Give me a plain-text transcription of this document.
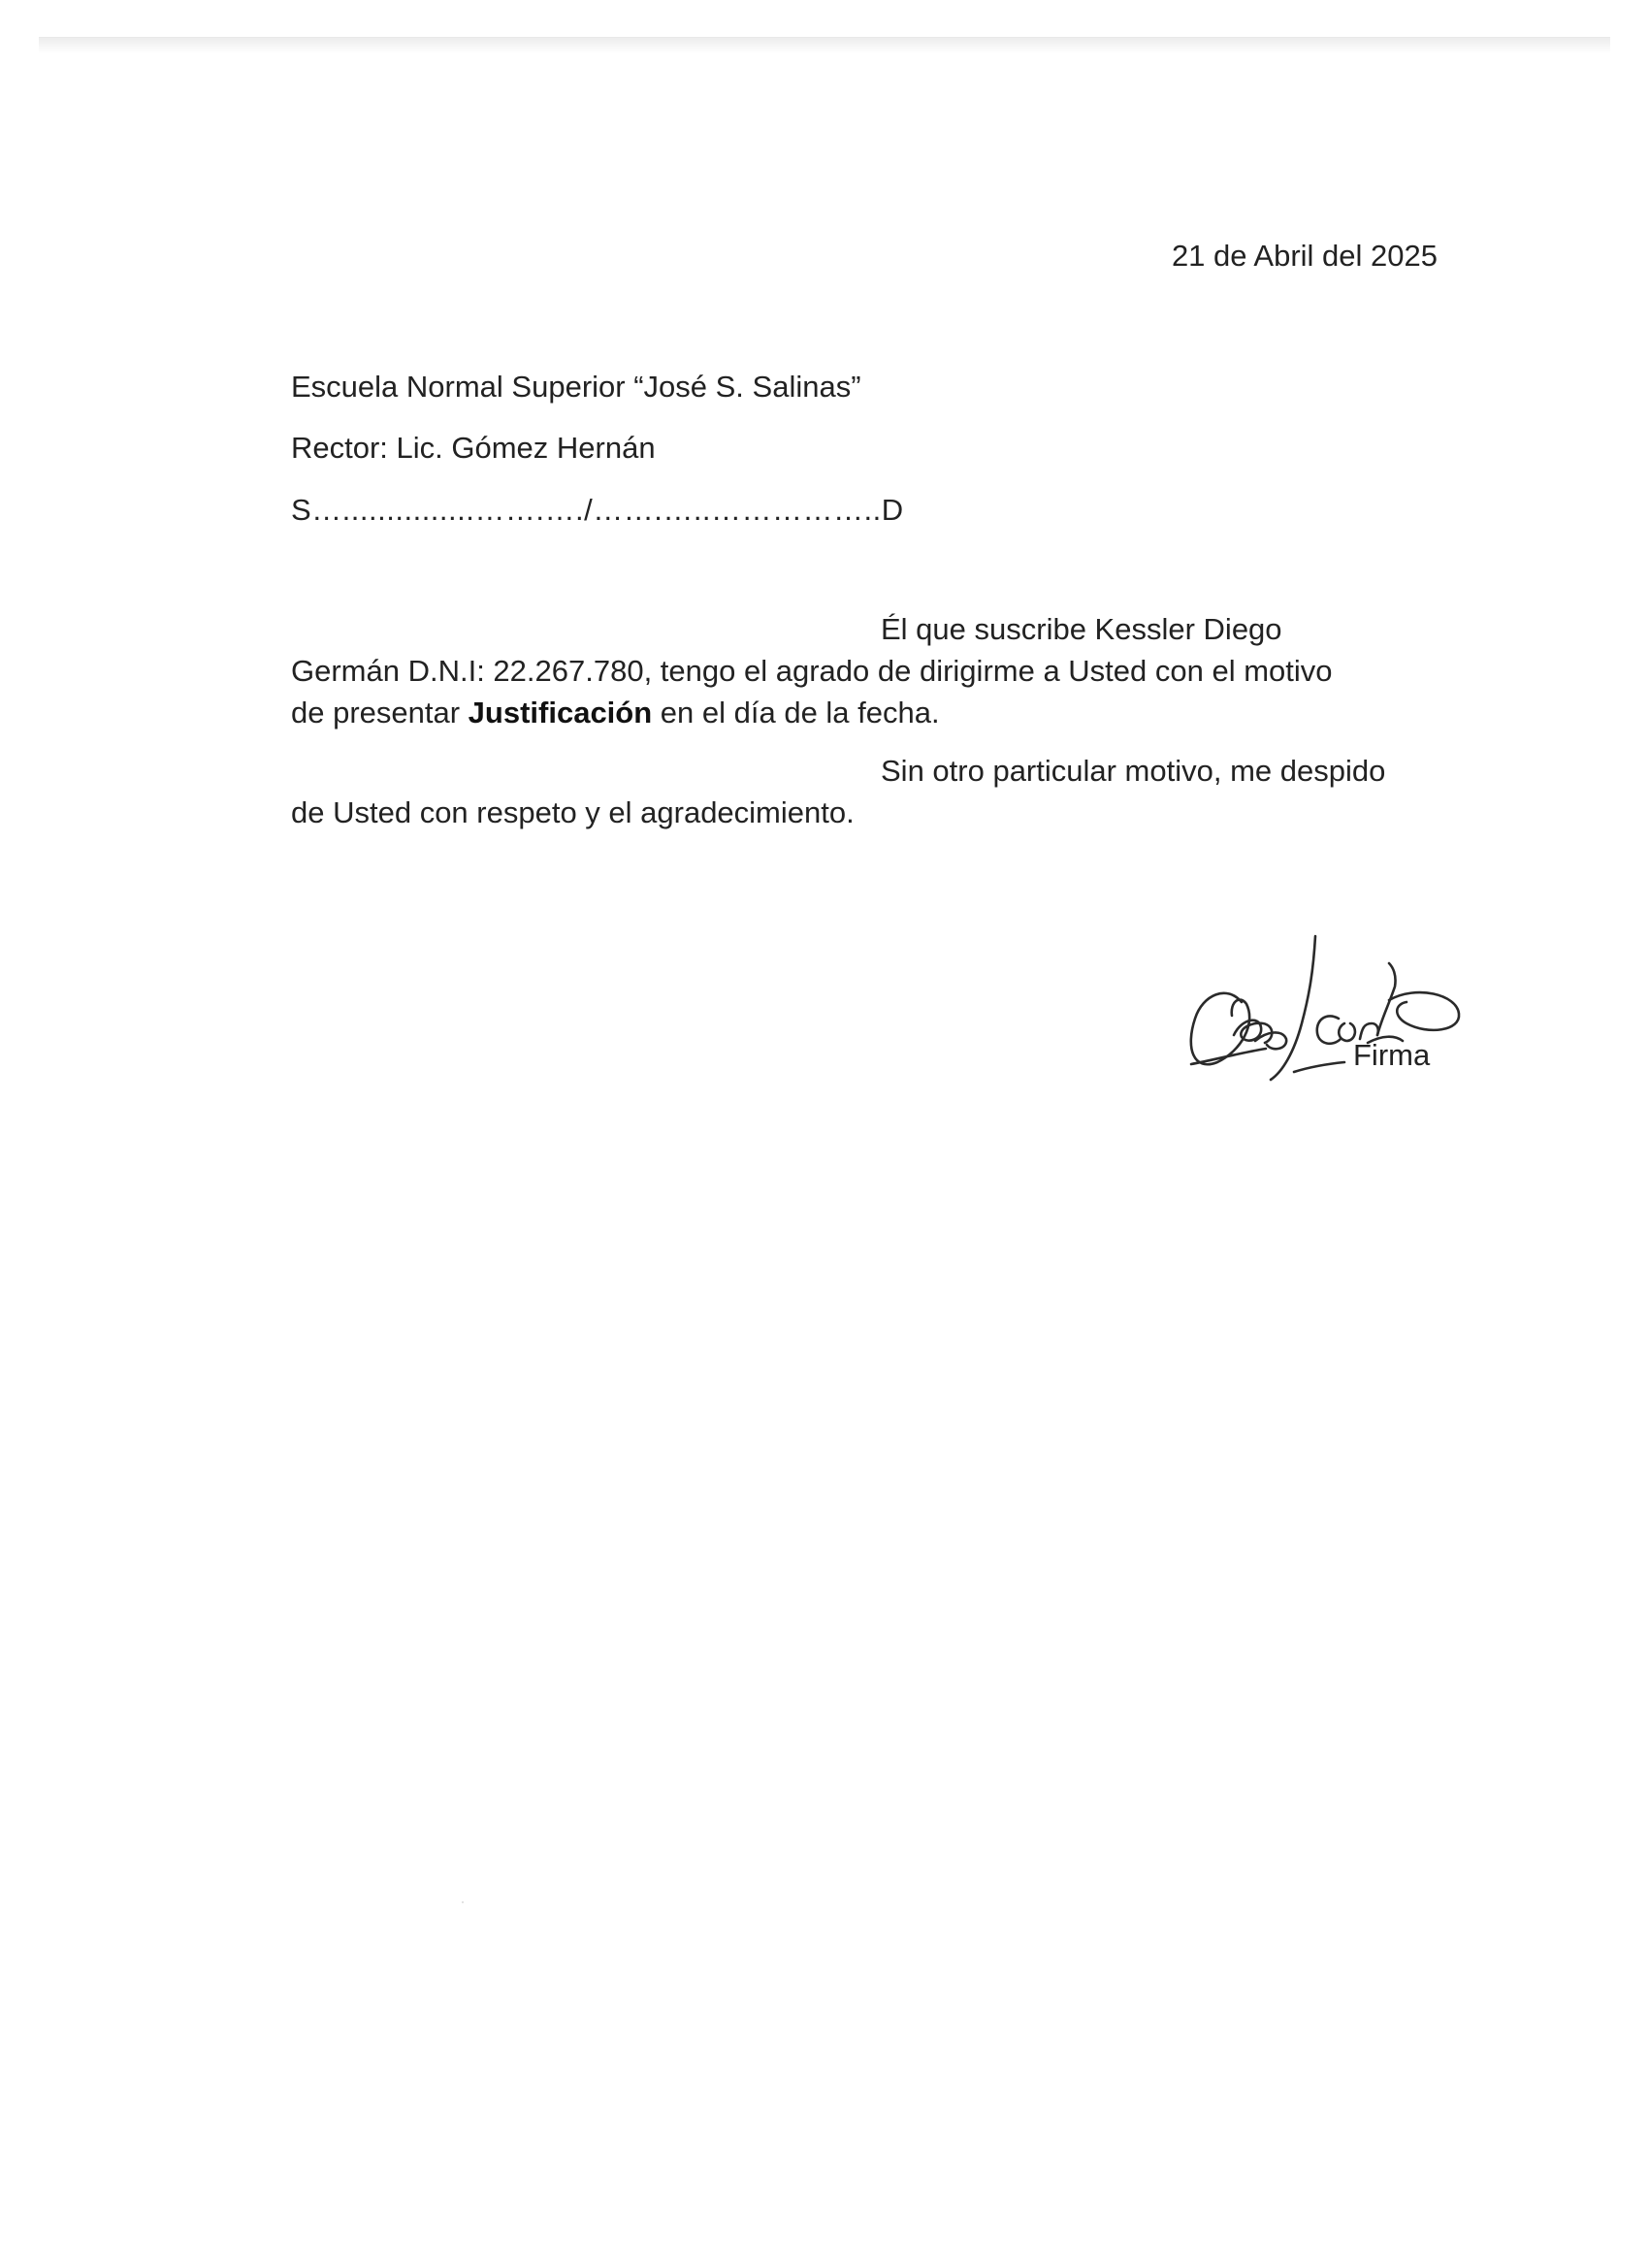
21 de Abril del 2025
Escuela Normal Superior “José S. Salinas”
Rector: Lic. Gómez Hernán
S…...............…….…./…….…..……………..D
Él que suscribe Kessler Diego
Germán D.N.I: 22.267.780, tengo el agrado de dirigirme a Usted con el motivo
de presentar Justificación en el día de la fecha.
Sin otro particular motivo, me despido
de Usted con respeto y el agradecimiento.
Firma
